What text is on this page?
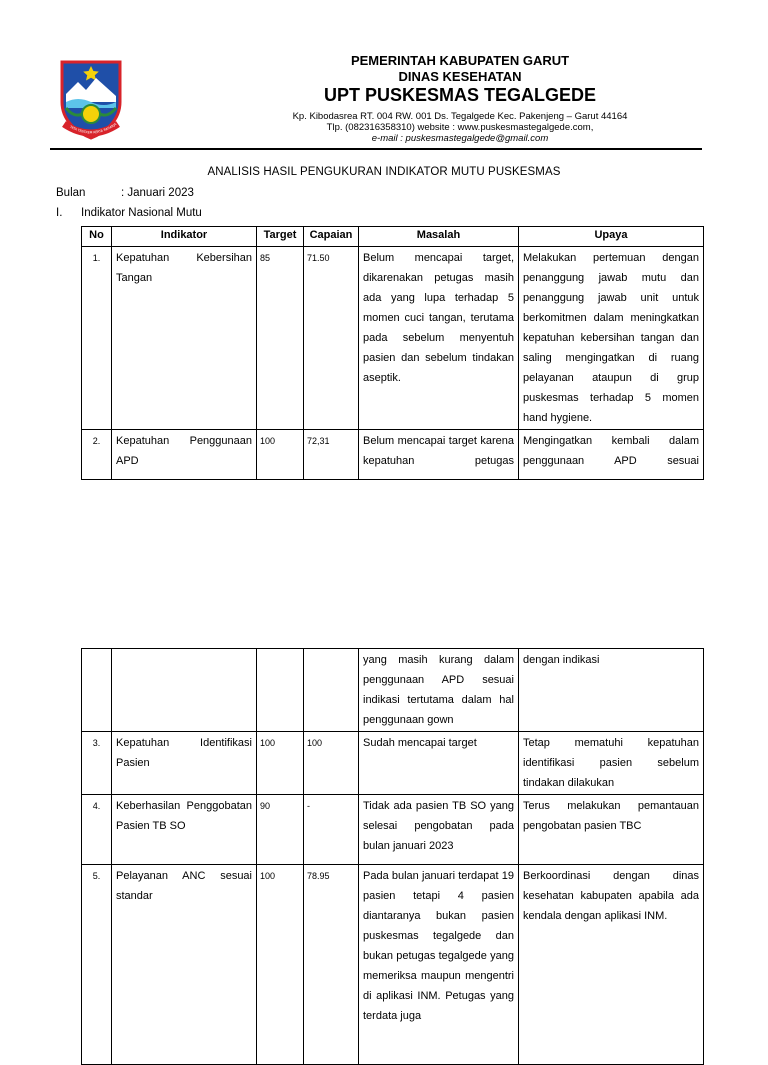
TATA TENTREM KERTA RAHARJA
PEMERINTAH KABUPATEN GARUT
DINAS KESEHATAN
UPT PUSKESMAS TEGALGEDE
Kp. Kibodasrea RT. 004 RW. 001 Ds. Tegalgede Kec. Pakenjeng – Garut 44164
Tlp. (082316358310) website : www.puskesmastegalgede.com,
e-mail : puskesmastegalgede@gmail.com
ANALISIS HASIL PENGUKURAN INDIKATOR MUTU PUSKESMAS
Bulan	: Januari 2023
I. Indikator Nasional Mutu
No	Indikator	Target	Capaian	Masalah	Upaya
1.	Kepatuhan Kebersihan Tangan	85	71.50	Belum mencapai target, dikarenakan petugas masih ada yang lupa terhadap 5 momen cuci tangan, terutama pada sebelum menyentuh pasien dan sebelum tindakan aseptik.	Melakukan pertemuan dengan penanggung jawab mutu dan penanggung jawab unit untuk berkomitmen dalam meningkatkan kepatuhan kebersihan tangan dan saling mengingatkan di ruang pelayanan ataupun di grup puskesmas terhadap 5 momen hand hygiene.
2.	Kepatuhan Penggunaan APD	100	72,31	Belum mencapai target karena kepatuhan petugas	Mengingatkan kembali dalam penggunaan APD sesuai
				yang masih kurang dalam penggunaan APD sesuai indikasi tertutama dalam hal penggunaan gown	dengan indikasi
3.	Kepatuhan Identifikasi Pasien	100	100	Sudah mencapai target	Tetap mematuhi kepatuhan identifikasi pasien sebelum tindakan dilakukan
4.	Keberhasilan Penggobatan Pasien TB SO	90	-	Tidak ada pasien TB SO yang selesai pengobatan pada bulan januari 2023	Terus melakukan pemantauan pengobatan pasien TBC
5.	Pelayanan ANC sesuai standar	100	78.95	Pada bulan januari terdapat 19 pasien tetapi 4 pasien diantaranya bukan pasien puskesmas tegalgede dan bukan petugas tegalgede yang memeriksa maupun mengentri di aplikasi INM. Petugas yang terdata juga	Berkoordinasi dengan dinas kesehatan kabupaten apabila ada kendala dengan aplikasi INM.
